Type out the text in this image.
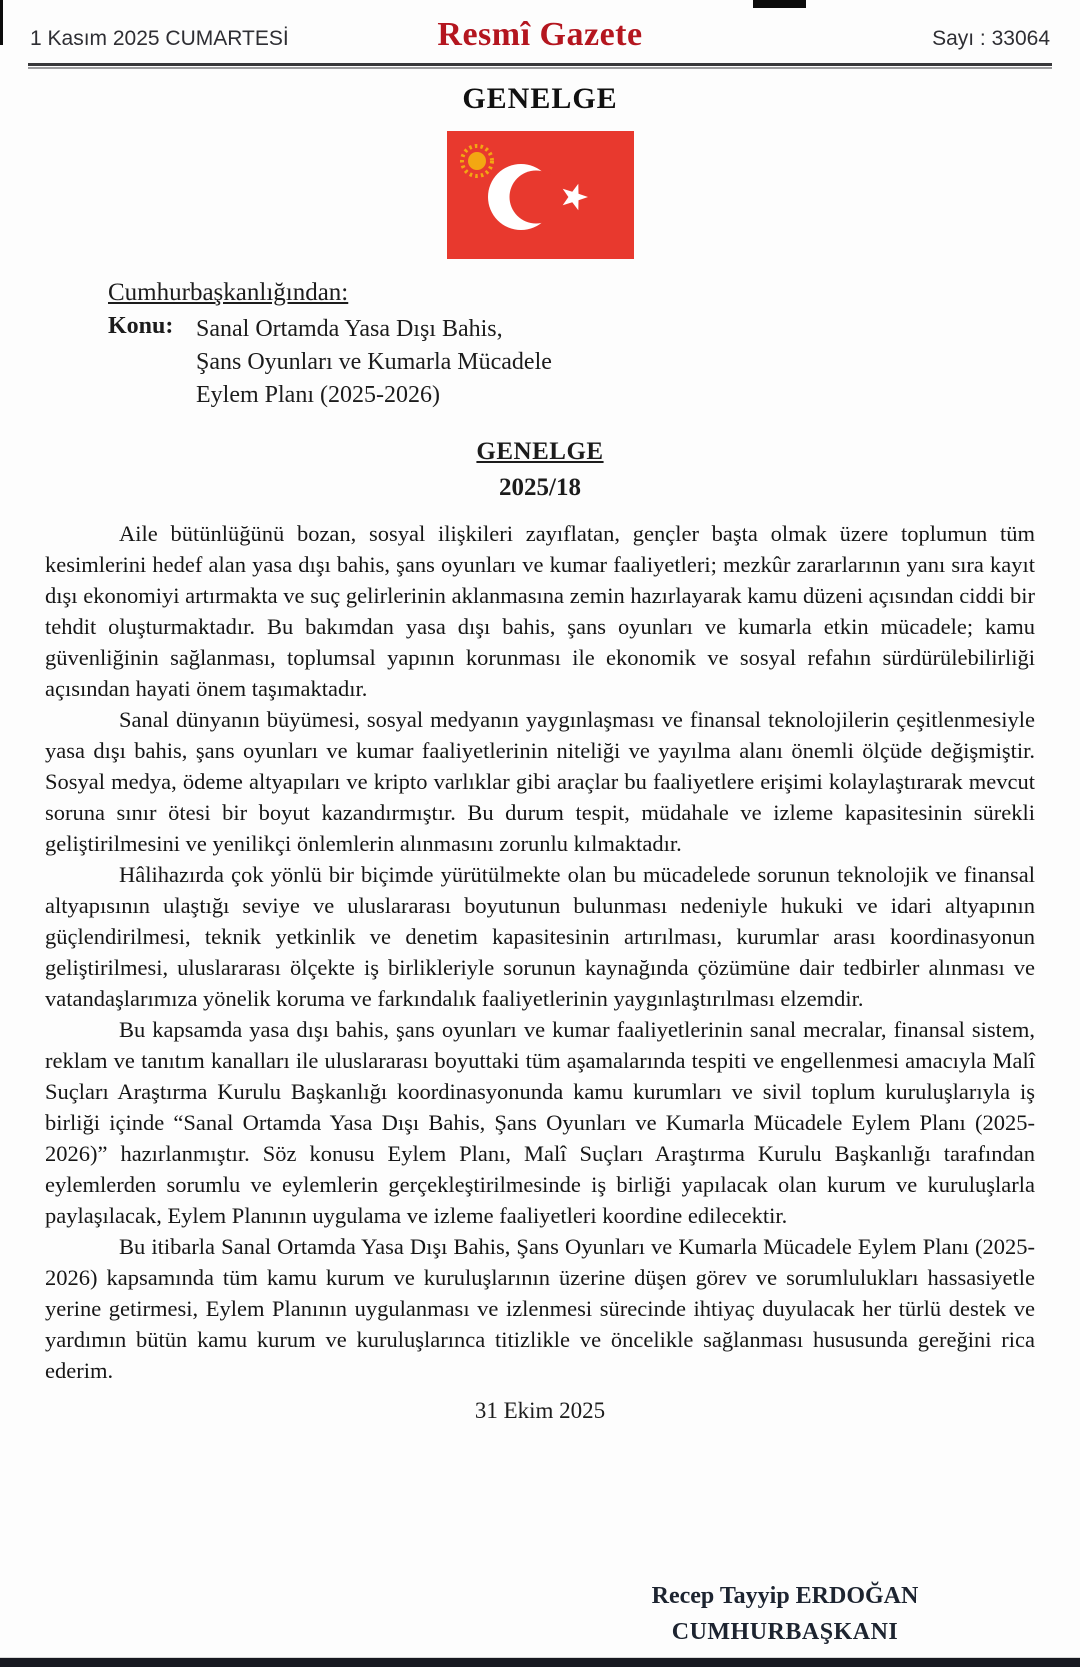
1 Kasım 2025 CUMARTESİ	Resmî Gazete	Sayı : 33064
GENELGE
Cumhurbaşkanlığından:
Konu: Sanal Ortamda Yasa Dışı Bahis,
Şans Oyunları ve Kumarla Mücadele
Eylem Planı (2025-2026)
GENELGE
2025/18

Aile bütünlüğünü bozan, sosyal ilişkileri zayıflatan, gençler başta olmak üzere toplumun tüm kesimlerini hedef alan yasa dışı bahis, şans oyunları ve kumar faaliyetleri; mezkûr zararlarının yanı sıra kayıt dışı ekonomiyi artırmakta ve suç gelirlerinin aklanmasına zemin hazırlayarak kamu düzeni açısından ciddi bir tehdit oluşturmaktadır. Bu bakımdan yasa dışı bahis, şans oyunları ve kumarla etkin mücadele; kamu güvenliğinin sağlanması, toplumsal yapının korunması ile ekonomik ve sosyal refahın sürdürülebilirliği açısından hayati önem taşımaktadır.

Sanal dünyanın büyümesi, sosyal medyanın yaygınlaşması ve finansal teknolojilerin çeşitlenmesiyle yasa dışı bahis, şans oyunları ve kumar faaliyetlerinin niteliği ve yayılma alanı önemli ölçüde değişmiştir. Sosyal medya, ödeme altyapıları ve kripto varlıklar gibi araçlar bu faaliyetlere erişimi kolaylaştırarak mevcut soruna sınır ötesi bir boyut kazandırmıştır. Bu durum tespit, müdahale ve izleme kapasitesinin sürekli geliştirilmesini ve yenilikçi önlemlerin alınmasını zorunlu kılmaktadır.

Hâlihazırda çok yönlü bir biçimde yürütülmekte olan bu mücadelede sorunun teknolojik ve finansal altyapısının ulaştığı seviye ve uluslararası boyutunun bulunması nedeniyle hukuki ve idari altyapının güçlendirilmesi, teknik yetkinlik ve denetim kapasitesinin artırılması, kurumlar arası koordinasyonun geliştirilmesi, uluslararası ölçekte iş birlikleriyle sorunun kaynağında çözümüne dair tedbirler alınması ve vatandaşlarımıza yönelik koruma ve farkındalık faaliyetlerinin yaygınlaştırılması elzemdir.

Bu kapsamda yasa dışı bahis, şans oyunları ve kumar faaliyetlerinin sanal mecralar, finansal sistem, reklam ve tanıtım kanalları ile uluslararası boyuttaki tüm aşamalarında tespiti ve engellenmesi amacıyla Malî Suçları Araştırma Kurulu Başkanlığı koordinasyonunda kamu kurumları ve sivil toplum kuruluşlarıyla iş birliği içinde “Sanal Ortamda Yasa Dışı Bahis, Şans Oyunları ve Kumarla Mücadele Eylem Planı (2025-2026)” hazırlanmıştır. Söz konusu Eylem Planı, Malî Suçları Araştırma Kurulu Başkanlığı tarafından eylemlerden sorumlu ve eylemlerin gerçekleştirilmesinde iş birliği yapılacak olan kurum ve kuruluşlarla paylaşılacak, Eylem Planının uygulama ve izleme faaliyetleri koordine edilecektir.

Bu itibarla Sanal Ortamda Yasa Dışı Bahis, Şans Oyunları ve Kumarla Mücadele Eylem Planı (2025-2026) kapsamında tüm kamu kurum ve kuruluşlarının üzerine düşen görev ve sorumlulukları hassasiyetle yerine getirmesi, Eylem Planının uygulanması ve izlenmesi sürecinde ihtiyaç duyulacak her türlü destek ve yardımın bütün kamu kurum ve kuruluşlarınca titizlikle ve öncelikle sağlanması hususunda gereğini rica ederim.

31 Ekim 2025
Recep Tayyip ERDOĞAN
CUMHURBAŞKANI
